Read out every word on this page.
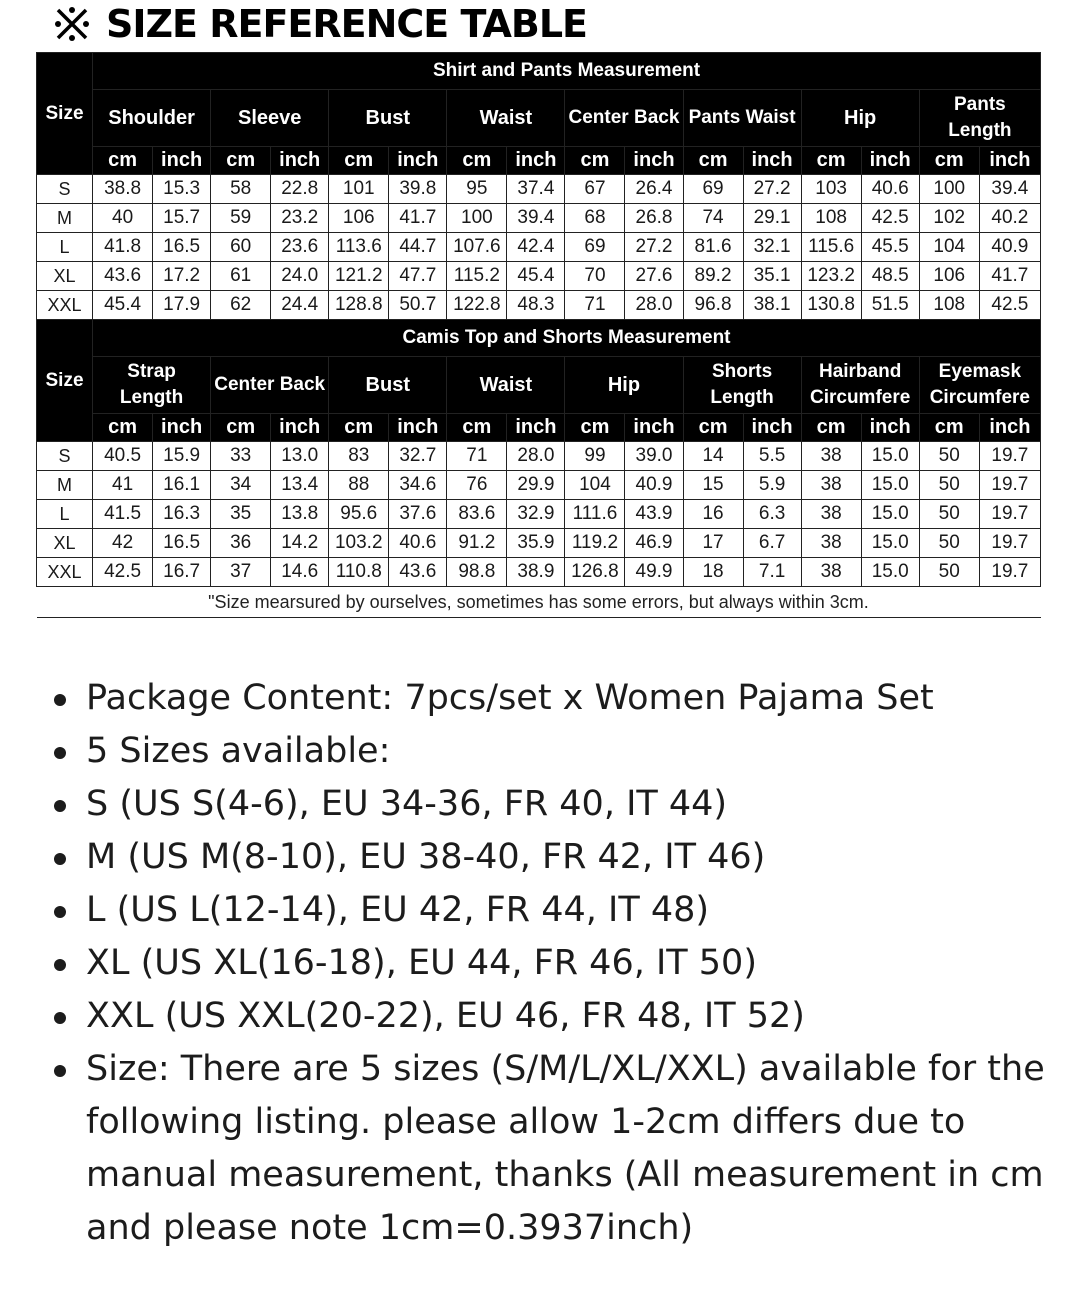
SIZE REFERENCE TABLE
Size	Shirt and Pants Measurement															
	Shoulder		Sleeve		Bust		Waist		Center Back		Pants Waist		Hip		Pants Length	
	cm	inch	cm	inch	cm	inch	cm	inch	cm	inch	cm	inch	cm	inch	cm	inch
S	38.8	15.3	58	22.8	101	39.8	95	37.4	67	26.4	69	27.2	103	40.6	100	39.4
M	40	15.7	59	23.2	106	41.7	100	39.4	68	26.8	74	29.1	108	42.5	102	40.2
L	41.8	16.5	60	23.6	113.6	44.7	107.6	42.4	69	27.2	81.6	32.1	115.6	45.5	104	40.9
XL	43.6	17.2	61	24.0	121.2	47.7	115.2	45.4	70	27.6	89.2	35.1	123.2	48.5	106	41.7
XXL	45.4	17.9	62	24.4	128.8	50.7	122.8	48.3	71	28.0	96.8	38.1	130.8	51.5	108	42.5
Size	Camis Top and Shorts Measurement															
	Strap Length		Center Back		Bust		Waist		Hip		Shorts Length		Hairband Circumfere		Eyemask Circumfere	
	cm	inch	cm	inch	cm	inch	cm	inch	cm	inch	cm	inch	cm	inch	cm	inch
S	40.5	15.9	33	13.0	83	32.7	71	28.0	99	39.0	14	5.5	38	15.0	50	19.7
M	41	16.1	34	13.4	88	34.6	76	29.9	104	40.9	15	5.9	38	15.0	50	19.7
L	41.5	16.3	35	13.8	95.6	37.6	83.6	32.9	111.6	43.9	16	6.3	38	15.0	50	19.7
XL	42	16.5	36	14.2	103.2	40.6	91.2	35.9	119.2	46.9	17	6.7	38	15.0	50	19.7
XXL	42.5	16.7	37	14.6	110.8	43.6	98.8	38.9	126.8	49.9	18	7.1	38	15.0	50	19.7
"Size mearsured by ourselves, sometimes has some errors, but always within 3cm.																
Package Content: 7pcs/set x Women Pajama Set
5 Sizes available:
S (US S(4-6), EU 34-36, FR 40, IT 44)
M (US M(8-10), EU 38-40, FR 42, IT 46)
L (US L(12-14), EU 42, FR 44, IT 48)
XL (US XL(16-18), EU 44, FR 46, IT 50)
XXL (US XXL(20-22), EU 46, FR 48, IT 52)
Size: There are 5 sizes (S/M/L/XL/XXL) available for the following listing. please allow 1-2cm differs due to manual measurement, thanks (All measurement in cm and please note 1cm=0.3937inch)
